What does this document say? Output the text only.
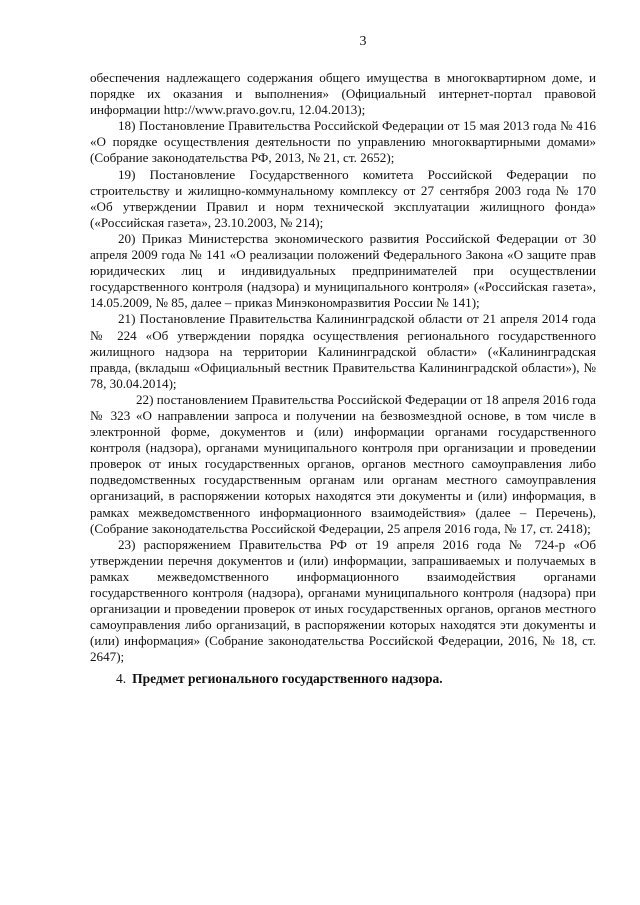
3

обеспечения надлежащего содержания общего имущества в многоквартирном доме, и порядке их оказания и выполнения» (Официальный интернет-портал правовой информации http://www.pravo.gov.ru, 12.04.2013);

18) Постановление Правительства Российской Федерации от 15 мая 2013 года № 416 «О порядке осуществления деятельности по управлению многоквартирными домами» (Собрание законодательства РФ, 2013, № 21, ст. 2652);

19) Постановление Государственного комитета Российской Федерации по строительству и жилищно-коммунальному комплексу от 27 сентября 2003 года № 170 «Об утверждении Правил и норм технической эксплуатации жилищного фонда» («Российская газета», 23.10.2003, № 214);

20) Приказ Министерства экономического развития Российской Федерации от 30 апреля 2009 года № 141 «О реализации положений Федерального Закона «О защите прав юридических лиц и индивидуальных предпринимателей при осуществлении государственного контроля (надзора) и муниципального контроля» («Российская газета», 14.05.2009, № 85, далее – приказ Минэкономразвития России № 141);

21) Постановление Правительства Калининградской области от 21 апреля 2014 года № 224 «Об утверждении порядка осуществления регионального государственного жилищного надзора на территории Калининградской области» («Калининградская правда, (вкладыш «Официальный вестник Правительства Калининградской области»), № 78, 30.04.2014);

22) постановлением Правительства Российской Федерации от 18 апреля 2016 года № 323 «О направлении запроса и получении на безвозмездной основе, в том числе в электронной форме, документов и (или) информации органами государственного контроля (надзора), органами муниципального контроля при организации и проведении проверок от иных государственных органов, органов местного самоуправления либо подведомственных государственным органам или органам местного самоуправления организаций, в распоряжении которых находятся эти документы и (или) информация, в рамках межведомственного информационного взаимодействия» (далее – Перечень), (Собрание законодательства Российской Федерации, 25 апреля 2016 года, № 17, ст. 2418);

23) распоряжением Правительства РФ от 19 апреля 2016 года № 724-р «Об утверждении перечня документов и (или) информации, запрашиваемых и получаемых в рамках межведомственного информационного взаимодействия органами государственного контроля (надзора), органами муниципального контроля (надзора) при организации и проведении проверок от иных государственных органов, органов местного самоуправления либо организаций, в распоряжении которых находятся эти документы и (или) информация» (Собрание законодательства Российской Федерации, 2016, № 18, ст. 2647);

4. Предмет регионального государственного надзора.
